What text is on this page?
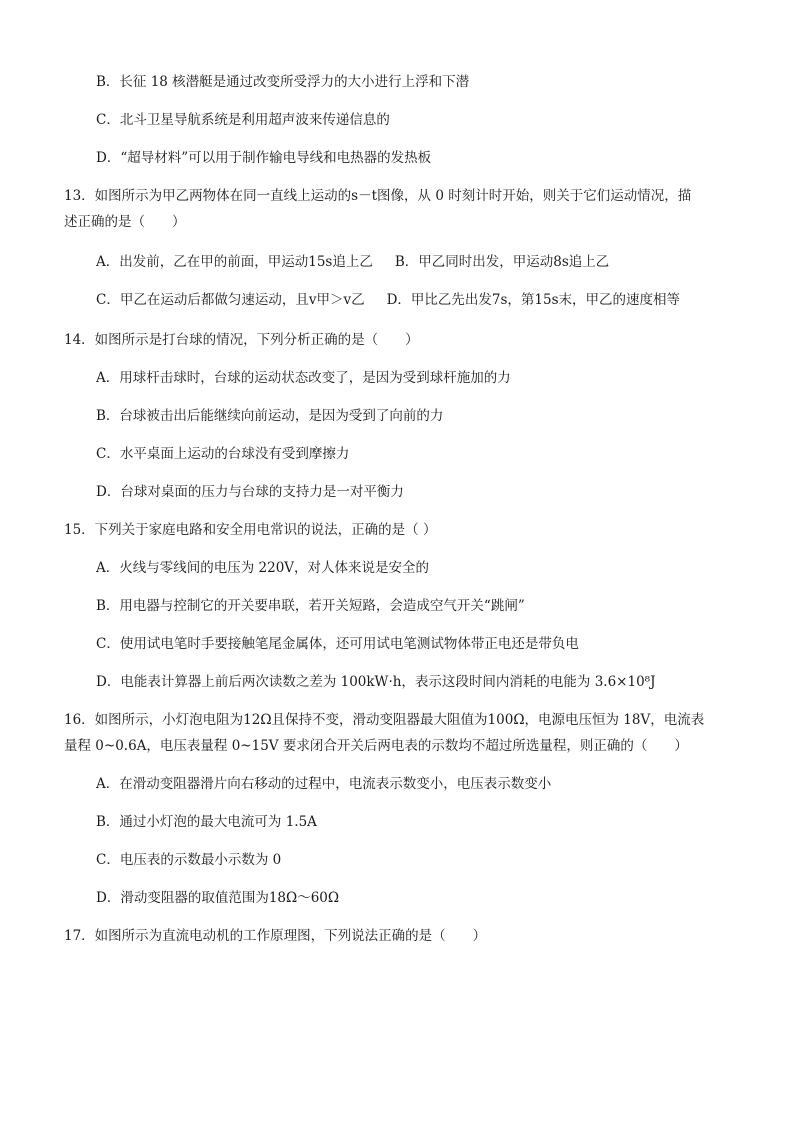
B．长征 18 核潜艇是通过改变所受浮力的大小进行上浮和下潜
C．北斗卫星导航系统是利用超声波来传递信息的
D．“超导材料”可以用于制作输电导线和电热器的发热板
13．如图所示为甲乙两物体在同一直线上运动的s－t图像，从 0 时刻计时开始，则关于它们运动情况，描
述正确的是（　　）
A．出发前，乙在甲的前面，甲运动15s追上乙 B．甲乙同时出发，甲运动8s追上乙
C．甲乙在运动后都做匀速运动，且v甲＞v乙 D．甲比乙先出发7s，第15s末，甲乙的速度相等
14．如图所示是打台球的情况，下列分析正确的是（　　）
A．用球杆击球时，台球的运动状态改变了，是因为受到球杆施加的力
B．台球被击出后能继续向前运动，是因为受到了向前的力
C．水平桌面上运动的台球没有受到摩擦力
D．台球对桌面的压力与台球的支持力是一对平衡力
15．下列关于家庭电路和安全用电常识的说法，正确的是（ ）
A．火线与零线间的电压为 220V，对人体来说是安全的
B．用电器与控制它的开关要串联，若开关短路，会造成空气开关“跳闸”
C．使用试电笔时手要接触笔尾金属体，还可用试电笔测试物体带正电还是带负电
D．电能表计算器上前后两次读数之差为 100kW·h，表示这段时间内消耗的电能为 3.6×10⁸J
16．如图所示，小灯泡电阻为12Ω且保持不变，滑动变阻器最大阻值为100Ω，电源电压恒为 18V，电流表
量程 0~0.6A，电压表量程 0~15V 要求闭合开关后两电表的示数均不超过所选量程，则正确的（　　）
A．在滑动变阻器滑片向右移动的过程中，电流表示数变小，电压表示数变小
B．通过小灯泡的最大电流可为 1.5A
C．电压表的示数最小示数为 0
D．滑动变阻器的取值范围为18Ω～60Ω
17．如图所示为直流电动机的工作原理图，下列说法正确的是（　　）
